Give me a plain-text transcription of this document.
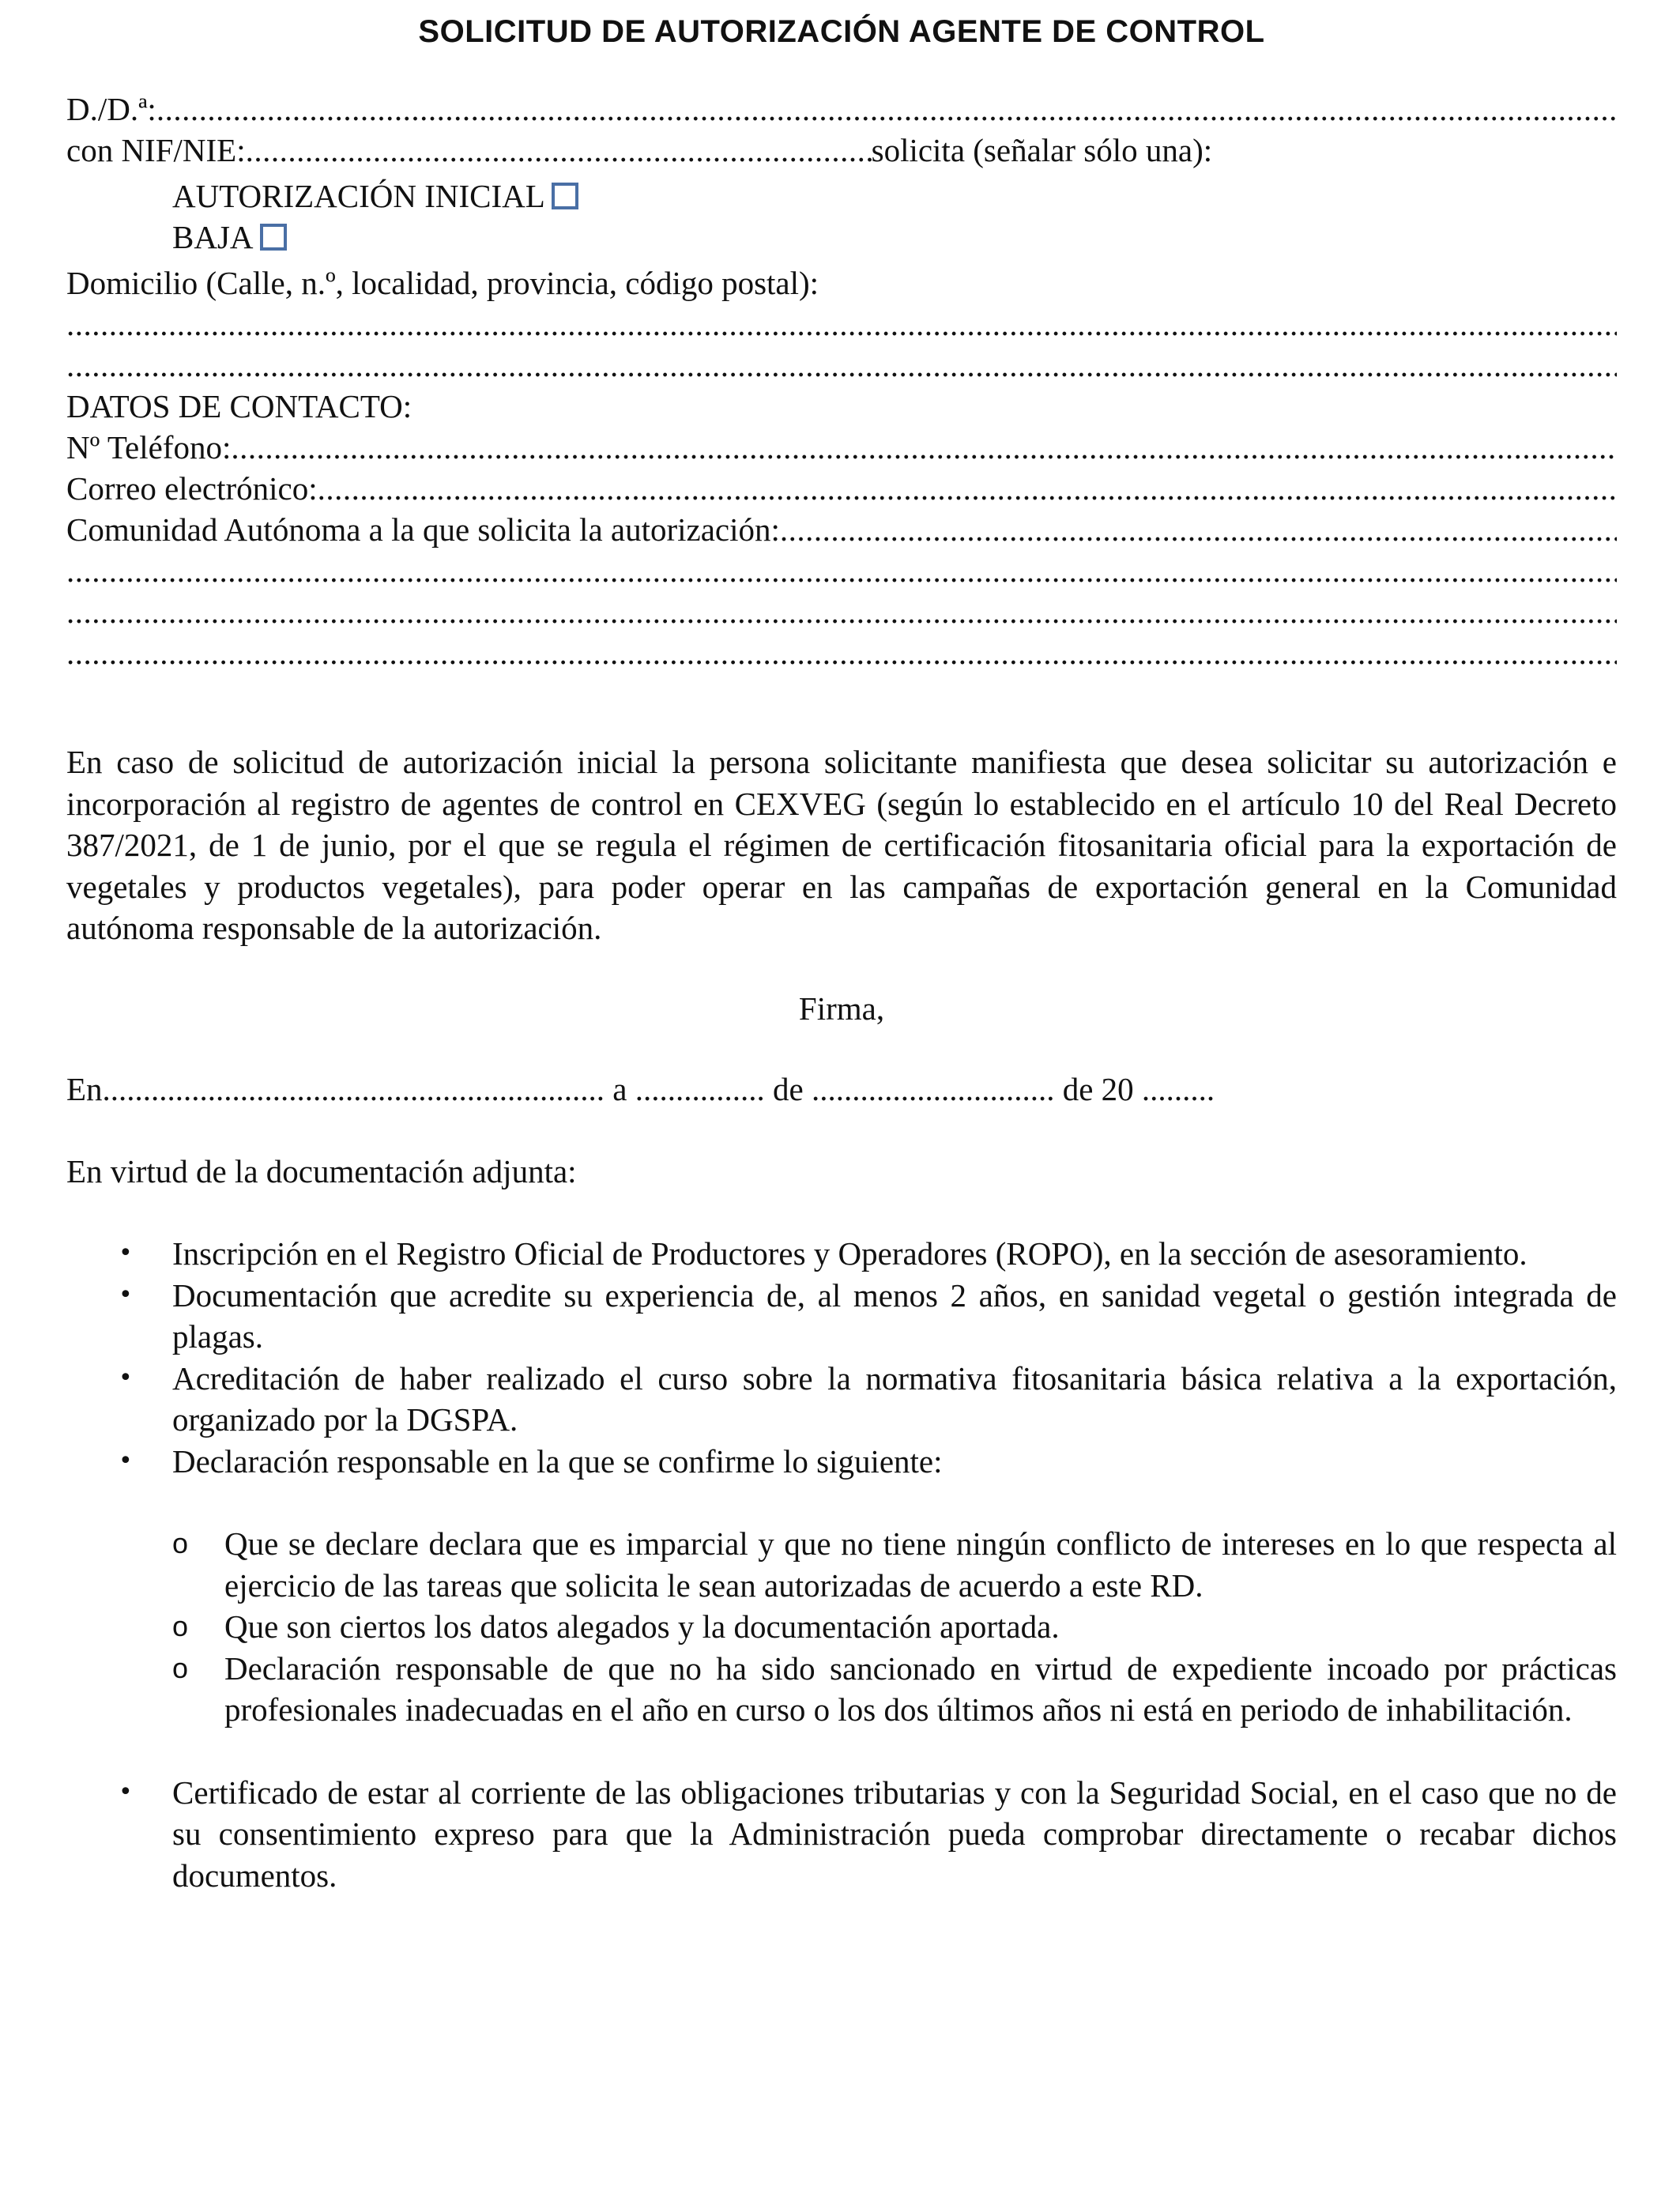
SOLICITUD DE AUTORIZACIÓN AGENTE DE CONTROL
D./D.ª:
.....
con NIF/NIE:
.....	solicita (señalar sólo una):
AUTORIZACIÓN INICIAL
BAJA
Domicilio (Calle, n.º, localidad, provincia, código postal):
.....
.....
DATOS DE CONTACTO:
Nº Teléfono:
.....
Correo electrónico:
.....
Comunidad Autónoma a la que solicita la autorización:
.....
.....
.....
.....
En caso de solicitud de autorización inicial la persona solicitante manifiesta que desea solicitar su autorización e incorporación al registro de agentes de control en CEXVEG (según lo establecido en el artículo 10 del Real Decreto 387/2021, de 1 de junio, por el que se regula el régimen de certificación fitosanitaria oficial para la exportación de vegetales y productos vegetales), para poder operar en las campañas de exportación general en la Comunidad autónoma responsable de la autorización.
Firma,
En.............................................................. a ................ de .............................. de 20 .........
En virtud de la documentación adjunta:
• Inscripción en el Registro Oficial de Productores y Operadores (ROPO), en la sección de asesoramiento.
• Documentación que acredite su experiencia de, al menos 2 años, en sanidad vegetal o gestión integrada de plagas.
• Acreditación de haber realizado el curso sobre la normativa fitosanitaria básica relativa a la exportación, organizado por la DGSPA.
• Declaración responsable en la que se confirme lo siguiente:
o Que se declare declara que es imparcial y que no tiene ningún conflicto de intereses en lo que respecta al ejercicio de las tareas que solicita le sean autorizadas de acuerdo a este RD.
o Que son ciertos los datos alegados y la documentación aportada.
o Declaración responsable de que no ha sido sancionado en virtud de expediente incoado por prácticas profesionales inadecuadas en el año en curso o los dos últimos años ni está en periodo de inhabilitación.
• Certificado de estar al corriente de las obligaciones tributarias y con la Seguridad Social, en el caso que no de su consentimiento expreso para que la Administración pueda comprobar directamente o recabar dichos documentos.
